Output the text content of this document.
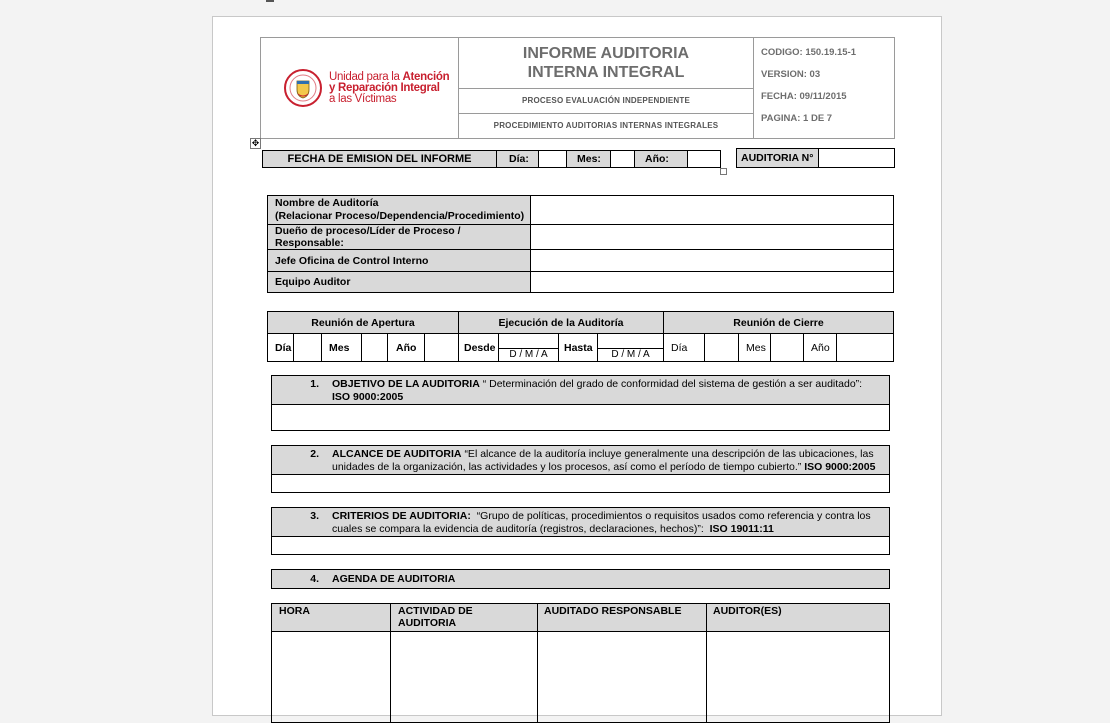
Unidad para la Atención
y Reparación Integral
a las Víctimas

INFORME AUDITORIA INTERNA INTEGRAL

CODIGO: 150.19.15-1
VERSION: 03
FECHA: 09/11/2015
PAGINA: 1 DE 7

PROCESO EVALUACIÓN INDEPENDIENTE
PROCEDIMIENTO AUDITORIAS INTERNAS INTEGRALES
✥
FECHA DE EMISION DEL INFORME	Día:		Mes:		Año:		AUDITORIA N°	
Nombre de Auditoría
(Relacionar Proceso/Dependencia/Procedimiento)	

Dueño de proceso/Líder de Proceso / Responsable:	
Jefe Oficina de Control Interno	
Equipo Auditor	
Reunión de Apertura						Ejecución de la Auditoría				Reunión de Cierre					
Día		Mes		Año		Desde	D / M / A	Hasta	D / M / A	Día		Mes		Año	
1.	OBJETIVO DE LA AUDITORIA “ Determinación del grado de conformidad del sistema de gestión a ser auditado”: ISO 9000:2005

2.	ALCANCE DE AUDITORIA “El alcance de la auditoría incluye generalmente una descripción de las ubicaciones, las unidades de la organización, las actividades y los procesos, así como el período de tiempo cubierto.” ISO 9000:2005

3.	CRITERIOS DE AUDITORIA: “Grupo de políticas, procedimientos o requisitos usados como referencia y contra los cuales se compara la evidencia de auditoría (registros, declaraciones, hechos)”: ISO 19011:11

4.	AGENDA DE AUDITORIA
HORA	ACTIVIDAD DE AUDITORIA	AUDITADO RESPONSABLE	AUDITOR(ES)
